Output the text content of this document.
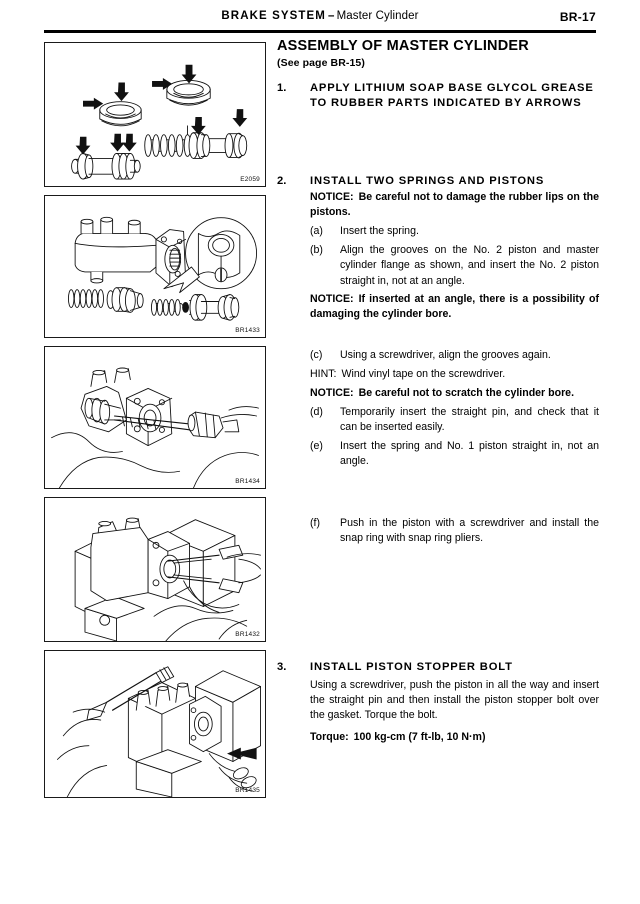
BRAKE SYSTEM – Master Cylinder	BR-17
E2059
BR1433
BR1434
BR1432
BR1435
ASSEMBLY OF MASTER CYLINDER
(See page BR-15)
1. APPLY LITHIUM SOAP BASE GLYCOL GREASE TO RUBBER PARTS INDICATED BY ARROWS
2. INSTALL TWO SPRINGS AND PISTONS

NOTICE: Be careful not to damage the rubber lips on the pistons.

(a) Insert the spring.
(b) Align the grooves on the No. 2 piston and master cylinder flange as shown, and insert the No. 2 piston straight in, not at an angle.

NOTICE: If inserted at an angle, there is a possibility of damaging the cylinder bore.

(c) Using a screwdriver, align the grooves again.

HINT: Wind vinyl tape on the screwdriver.

NOTICE: Be careful not to scratch the cylinder bore.

(d) Temporarily insert the straight pin, and check that it can be inserted easily.
(e) Insert the spring and No. 1 piston straight in, not an angle.
(f) Push in the piston with a screwdriver and install the snap ring with snap ring pliers.
3. INSTALL PISTON STOPPER BOLT

Using a screwdriver, push the piston in all the way and insert the straight pin and then install the piston stopper bolt over the gasket. Torque the bolt.

Torque: 100 kg-cm (7 ft-lb, 10 N·m)
